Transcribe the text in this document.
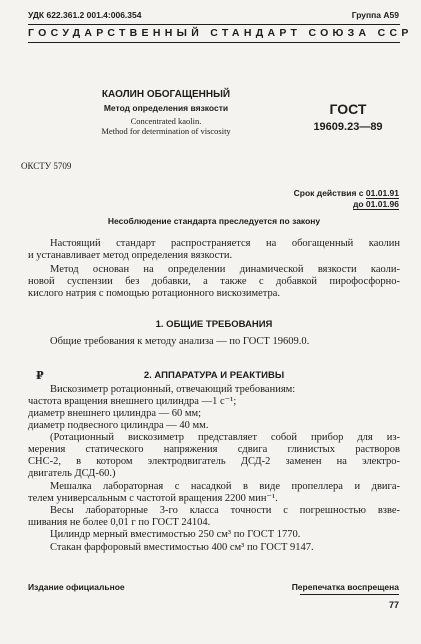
УДК 622.361.2 001.4:006.354	Группа А59
ГОСУДАРСТВЕННЫЙ СТАНДАРТ СОЮЗА ССР
КАОЛИН ОБОГАЩЕННЫЙ
Метод определения вязкости
Concentrated kaolin.
Method for determination of viscosity
ГОСТ
19609.23—89
ОКСТУ 5709
Срок действия с 01.01.91
до 01.01.96
Несоблюдение стандарта преследуется по закону
Настоящий стандарт распространяется на обогащенный каолин
и устанавливает метод определения вязкости.
Метод основан на определении динамической вязкости каоли-
новой суспензии без добавки, а также с добавкой пирофосфорно-
кислого натрия с помощью ротационного вискозиметра.
1. ОБЩИЕ ТРЕБОВАНИЯ
Общие требования к методу анализа — по ГОСТ 19609.0.
₽	2. АППАРАТУРА И РЕАКТИВЫ
Вискозиметр ротационный, отвечающий требованиям:
частота вращения внешнего цилиндра —1 с⁻¹;
диаметр внешнего цилиндра — 60 мм;
диаметр подвесного цилиндра — 40 мм.
(Ротационный вискозиметр представляет собой прибор для из-
мерения статического напряжения сдвига глинистых растворов
СНС-2, в котором электродвигатель ДСД-2 заменен на электро-
двигатель ДСД-60.)
Мешалка лабораторная с насадкой в виде пропеллера и двига-
телем универсальным с частотой вращения 2200 мин⁻¹.
Весы лабораторные 3-го класса точности с погрешностью взве-
шивания не более 0,01 г по ГОСТ 24104.
Цилиндр мерный вместимостью 250 см³ по ГОСТ 1770.
Стакан фарфоровый вместимостью 400 см³ по ГОСТ 9147.
Издание официальное	Перепечатка воспрещена
77
